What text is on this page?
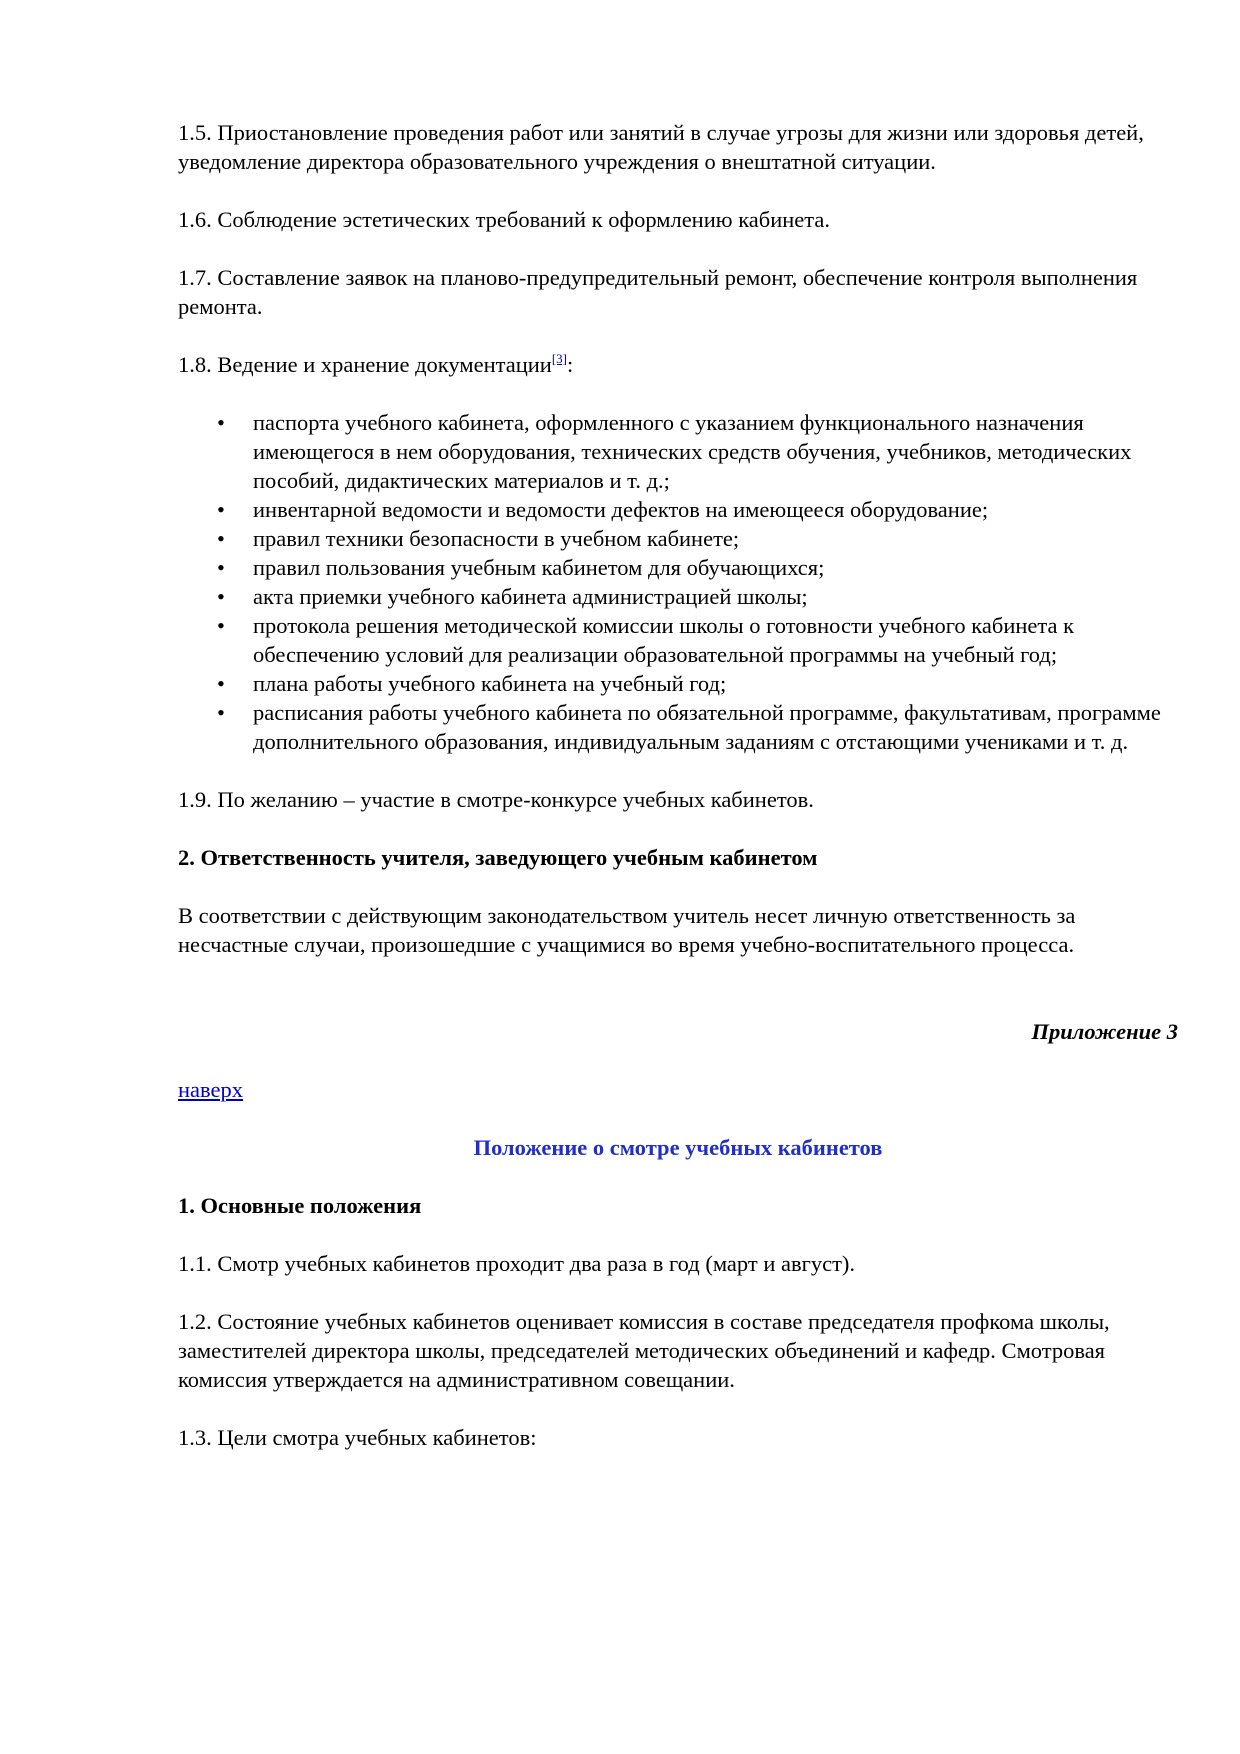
1.5. Приостановление проведения работ или занятий в случае угрозы для жизни или здоровья детей, уведомление директора образовательного учреждения о внештатной ситуации.

1.6. Соблюдение эстетических требований к оформлению кабинета.

1.7. Составление заявок на планово-предупредительный ремонт, обеспечение контроля выполнения ремонта.

1.8. Ведение и хранение документации[3]:

• паспорта учебного кабинета, оформленного с указанием функционального назначения имеющегося в нем оборудования, технических средств обучения, учебников, методических пособий, дидактических материалов и т. д.;
• инвентарной ведомости и ведомости дефектов на имеющееся оборудование;
• правил техники безопасности в учебном кабинете;
• правил пользования учебным кабинетом для обучающихся;
• акта приемки учебного кабинета администрацией школы;
• протокола решения методической комиссии школы о готовности учебного кабинета к обеспечению условий для реализации образовательной программы на учебный год;
• плана работы учебного кабинета на учебный год;
• расписания работы учебного кабинета по обязательной программе, факультативам, программе дополнительного образования, индивидуальным заданиям с отстающими учениками и т. д.

1.9. По желанию – участие в смотре-конкурсе учебных кабинетов.

2. Ответственность учителя, заведующего учебным кабинетом

В соответствии с действующим законодательством учитель несет личную ответственность за несчастные случаи, произошедшие с учащимися во время учебно-воспитательного процесса.

Приложение 3

наверх

Положение о смотре учебных кабинетов

1. Основные положения

1.1. Смотр учебных кабинетов проходит два раза в год (март и август).

1.2. Состояние учебных кабинетов оценивает комиссия в составе председателя профкома школы, заместителей директора школы, председателей методических объединений и кафедр. Смотровая комиссия утверждается на административном совещании.

1.3. Цели смотра учебных кабинетов:
